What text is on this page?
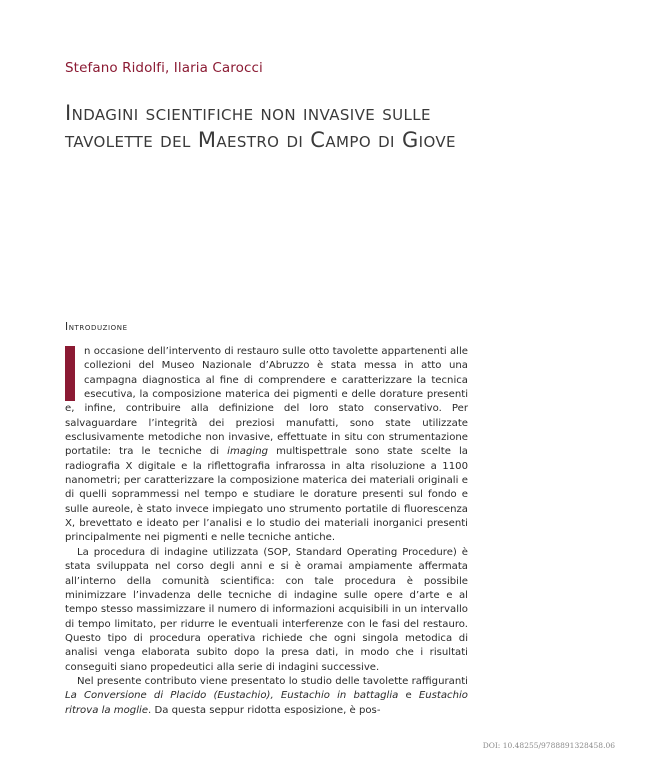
Stefano Ridolfi, Ilaria Carocci
Indagini scientifiche non invasive sulle
tavolette del Maestro di Campo di Giove
Introduzione

n occasione dell’intervento di restauro sulle otto tavolette appartenenti alle collezioni del Museo Nazionale d’Abruzzo è stata messa in atto una campagna diagnostica al fine di comprendere e caratterizzare la tecnica esecutiva, la composizione materica dei pigmenti e delle dorature presenti e, infine, contribuire alla definizione del loro stato conservativo. Per salvaguardare l’integrità dei preziosi manufatti, sono state utilizzate esclusivamente metodiche non invasive, effettuate in situ con strumentazione portatile: tra le tecniche di imaging multispettrale sono state scelte la radiografia X digitale e la riflettografia infrarossa in alta risoluzione a 1100 nanometri; per caratterizzare la composizione materica dei materiali originali e di quelli soprammessi nel tempo e studiare le dorature presenti sul fondo e sulle aureole, è stato invece impiegato uno strumento portatile di fluorescenza X, brevettato e ideato per l’analisi e lo studio dei materiali inorganici presenti principalmente nei pigmenti e nelle tecniche antiche.

La procedura di indagine utilizzata (SOP, Standard Operating Procedure) è stata sviluppata nel corso degli anni e si è oramai ampiamente affermata all’interno della comunità scientifica: con tale procedura è possibile minimizzare l’invadenza delle tecniche di indagine sulle opere d’arte e al tempo stesso massimizzare il numero di informazioni acquisibili in un intervallo di tempo limitato, per ridurre le eventuali interferenze con le fasi del restauro. Questo tipo di procedura operativa richiede che ogni singola metodica di analisi venga elaborata subito dopo la presa dati, in modo che i risultati conseguiti siano propedeutici alla serie di indagini successive.

Nel presente contributo viene presentato lo studio delle tavolette raffiguranti La Conversione di Placido (Eustachio), Eustachio in battaglia e Eustachio ritrova la moglie. Da questa seppur ridotta esposizione, è pos-

DOI: 10.48255/9788891328458.06
